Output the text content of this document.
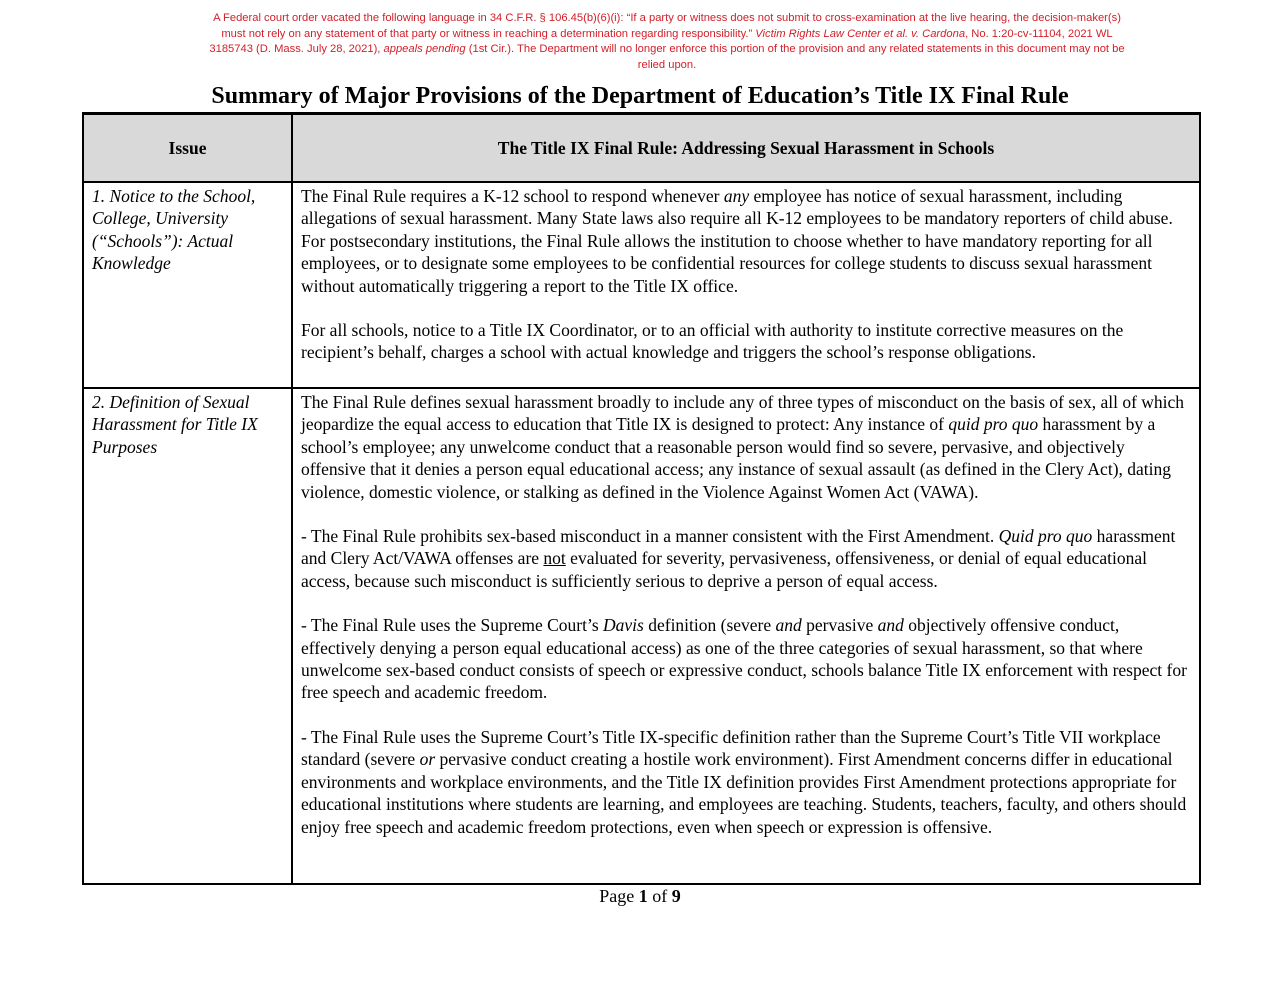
A Federal court order vacated the following language in 34 C.F.R. § 106.45(b)(6)(i): “If a party or witness does not submit to cross-examination at the live hearing, the decision-maker(s) must not rely on any statement of that party or witness in reaching a determination regarding responsibility.” Victim Rights Law Center et al. v. Cardona, No. 1:20-cv-11104, 2021 WL 3185743 (D. Mass. July 28, 2021), appeals pending (1st Cir.). The Department will no longer enforce this portion of the provision and any related statements in this document may not be relied upon.
Summary of Major Provisions of the Department of Education’s Title IX Final Rule
Issue	The Title IX Final Rule: Addressing Sexual Harassment in Schools
1. Notice to the School, College, University (“Schools”): Actual Knowledge	The Final Rule requires a K-12 school to respond whenever any employee has notice of sexual harassment, including allegations of sexual harassment. Many State laws also require all K-12 employees to be mandatory reporters of child abuse. For postsecondary institutions, the Final Rule allows the institution to choose whether to have mandatory reporting for all employees, or to designate some employees to be confidential resources for college students to discuss sexual harassment without automatically triggering a report to the Title IX office.

For all schools, notice to a Title IX Coordinator, or to an official with authority to institute corrective measures on the recipient’s behalf, charges a school with actual knowledge and triggers the school’s response obligations.

2. Definition of Sexual Harassment for Title IX Purposes	The Final Rule defines sexual harassment broadly to include any of three types of misconduct on the basis of sex, all of which jeopardize the equal access to education that Title IX is designed to protect: Any instance of quid pro quo harassment by a school’s employee; any unwelcome conduct that a reasonable person would find so severe, pervasive, and objectively offensive that it denies a person equal educational access; any instance of sexual assault (as defined in the Clery Act), dating violence, domestic violence, or stalking as defined in the Violence Against Women Act (VAWA).

- The Final Rule prohibits sex-based misconduct in a manner consistent with the First Amendment. Quid pro quo harassment and Clery Act/VAWA offenses are not evaluated for severity, pervasiveness, offensiveness, or denial of equal educational access, because such misconduct is sufficiently serious to deprive a person of equal access.

- The Final Rule uses the Supreme Court’s Davis definition (severe and pervasive and objectively offensive conduct, effectively denying a person equal educational access) as one of the three categories of sexual harassment, so that where unwelcome sex-based conduct consists of speech or expressive conduct, schools balance Title IX enforcement with respect for free speech and academic freedom.

- The Final Rule uses the Supreme Court’s Title IX-specific definition rather than the Supreme Court’s Title VII workplace standard (severe or pervasive conduct creating a hostile work environment). First Amendment concerns differ in educational environments and workplace environments, and the Title IX definition provides First Amendment protections appropriate for educational institutions where students are learning, and employees are teaching. Students, teachers, faculty, and others should enjoy free speech and academic freedom protections, even when speech or expression is offensive.

Page 1 of 9
